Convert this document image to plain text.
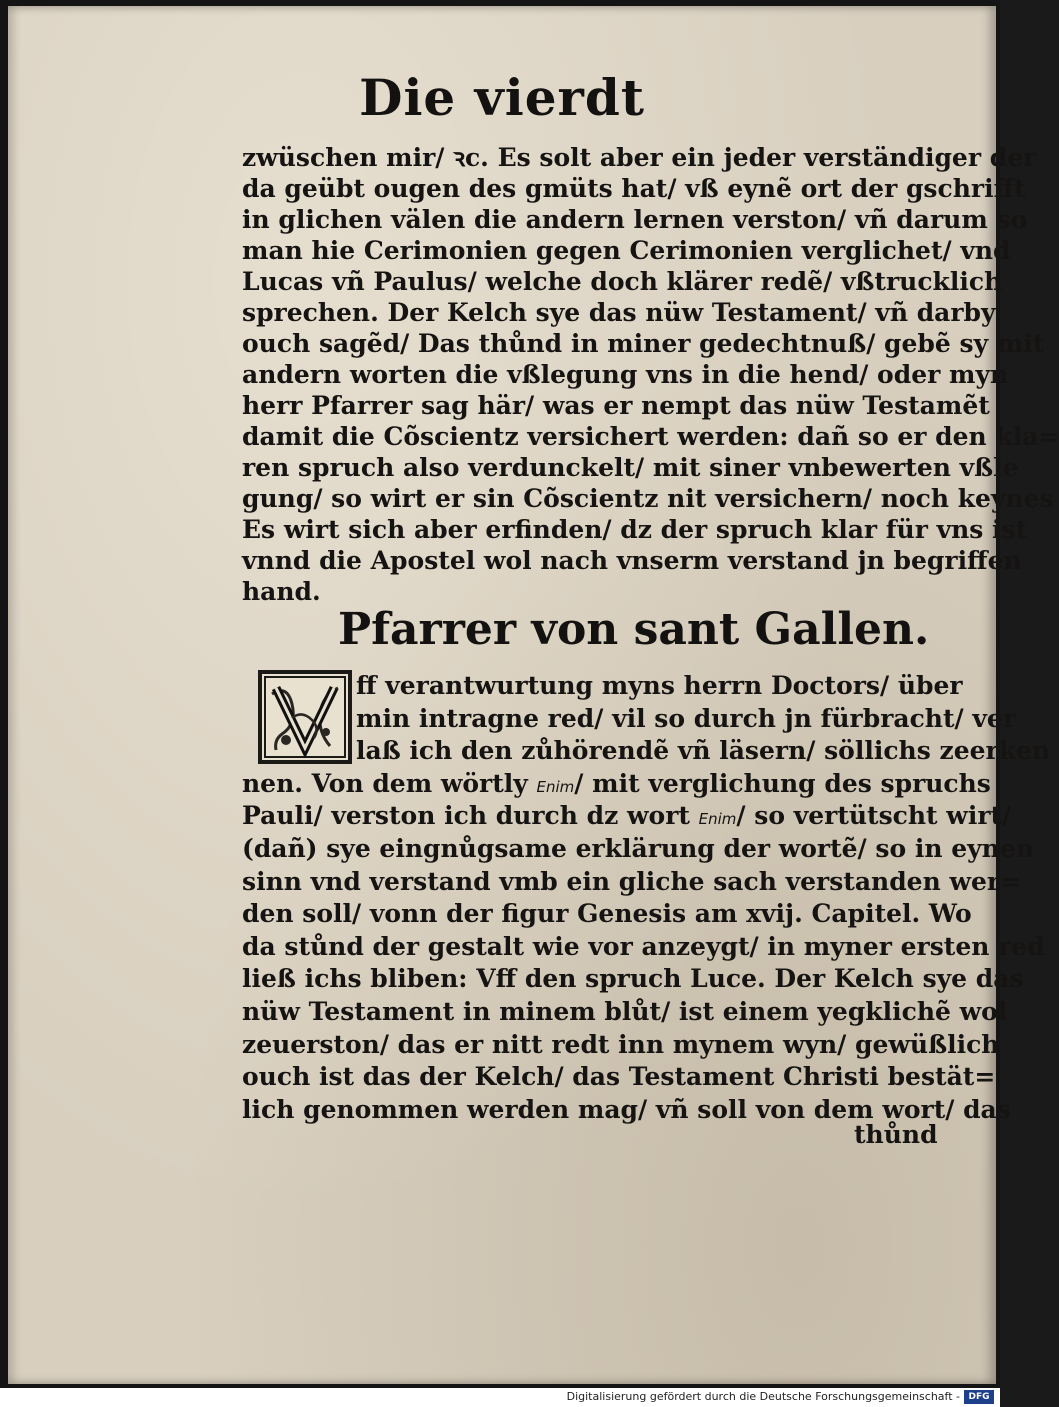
Die vierdt
zwüschen mir/ ꝛc. Es solt aber ein jeder verständiger der
da geübt ougen des gmüts hat/ vß eynẽ ort der gschrifft
in glichen välen die andern lernen verston/ vñ darum so
man hie Cerimonien gegen Cerimonien verglichet/ vnd
Lucas vñ Paulus/ welche doch klärer redẽ/ vßtrucklich
sprechen. Der Kelch sye das nüw Testament/ vñ darby
ouch sagẽd/ Das thůnd in miner gedechtnuß/ gebẽ sy mit
andern worten die vßlegung vns in die hend/ oder myn
herr Pfarrer sag här/ was er nempt das nüw Testamẽt
damit die Cõscientz versichert werden: dañ so er den kla=
ren spruch also verdunckelt/ mit siner vnbewerten vßle
gung/ so wirt er sin Cõscientz nit versichern/ noch keynes
Es wirt sich aber erfinden/ dz der spruch klar für vns ist
vnnd die Apostel wol nach vnserm verstand jn begriffen
hand.
Pfarrer von sant Gallen.
ff verantwurtung myns herrn Doctors/ über
min intragne red/ vil so durch jn fürbracht/ ver
laß ich den zůhörendẽ vñ läsern/ söllichs zeerken
nen. Von dem wörtly Enim/ mit verglichung des spruchs
Pauli/ verston ich durch dz wort Enim/ so vertütscht wirt/
(dañ) sye eingnůgsame erklärung der wortẽ/ so in eynen
sinn vnd verstand vmb ein gliche sach verstanden wer=
den soll/ vonn der figur Genesis am xvij. Capitel. Wo
da stůnd der gestalt wie vor anzeygt/ in myner ersten red
ließ ichs bliben: Vff den spruch Luce. Der Kelch sye das
nüw Testament in minem blůt/ ist einem yegklichẽ wol
zeuerston/ das er nitt redt inn mynem wyn/ gewüßlich
ouch ist das der Kelch/ das Testament Christi bestät=
lich genommen werden mag/ vñ soll von dem wort/ das
thůnd
Digitalisierung gefördert durch die Deutsche Forschungsgemeinschaft - DFG
